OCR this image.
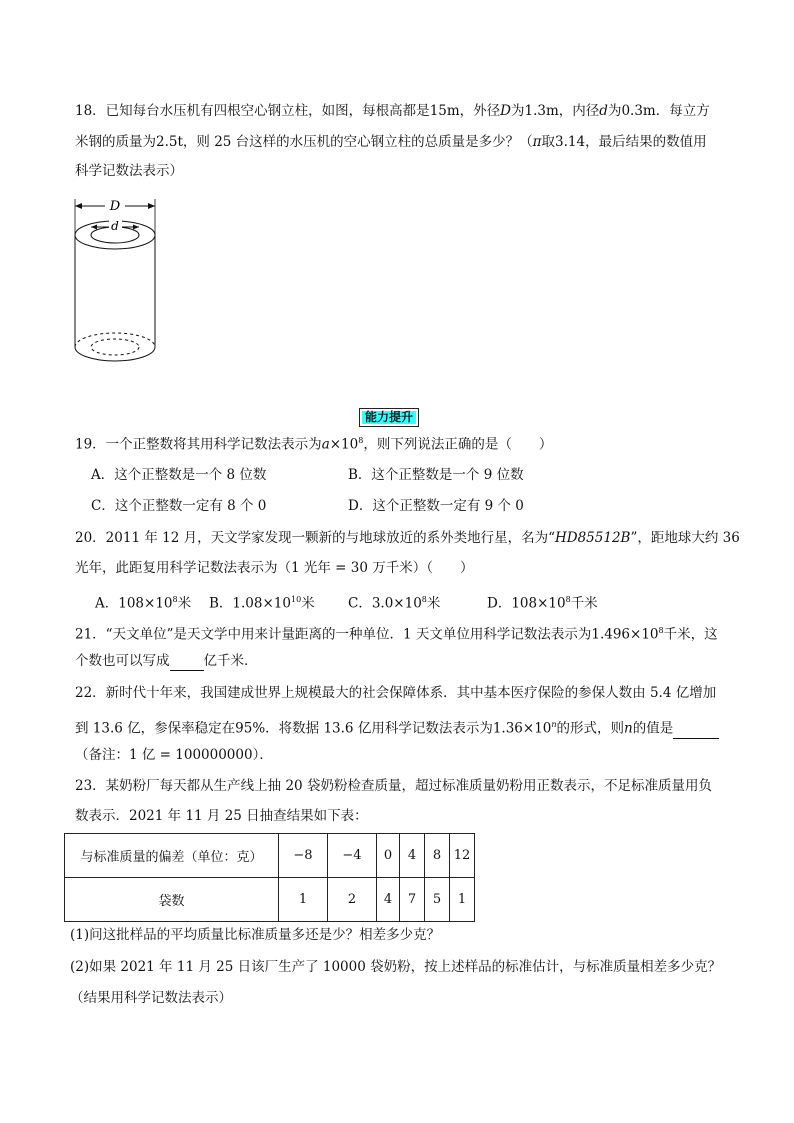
18．已知每台水压机有四根空心钢立柱，如图，每根高都是15m，外径D为1.3m，内径d为0.3m．每立方
米钢的质量为2.5t，则 25 台这样的水压机的空心钢立柱的总质量是多少？（π取3.14，最后结果的数值用
科学记数法表示）
D
d
能力提升
19．一个正整数将其用科学记数法表示为$a\times 10^8$，则下列说法正确的是（　　）
A．这个正整数是一个 8 位数	B．这个正整数是一个 9 位数
C．这个正整数一定有 8 个 0	D．这个正整数一定有 9 个 0
20．2011 年 12 月，天文学家发现一颗新的与地球放近的系外类地行星，名为“HD85512B”，距地球大约 36
光年，此距复用科学记数法表示为（1 光年 = 30 万千米）（　　）
A．$108\times 10^8$米 B．$1.08\times 10^{10}$米 C．$3.0\times 10^8$米	D．$108\times 10^8$千米
21．“天文单位”是天文学中用来计量距离的一种单位．1 天文单位用科学记数法表示为$1.496\times 10^8$千米，这
个数也可以写成	亿千米．
22．新时代十年来，我国建成世界上规模最大的社会保障体系．其中基本医疗保险的参保人数由 5.4 亿增加
到 13.6 亿，参保率稳定在95%．将数据 13.6 亿用科学记数法表示为$1.36\times 10^n$的形式，则n的值是
（备注：1 亿 = 100000000）．
23．某奶粉厂每天都从生产线上抽 20 袋奶粉检查质量，超过标准质量奶粉用正数表示，不足标准质量用负
数表示．2021 年 11 月 25 日抽查结果如下表：
与标准质量的偏差（单位：克）	−8	−4	0	4	8	12
袋数	1	2	4	7	5	1
(1)问这批样品的平均质量比标准质量多还是少？相差多少克？
(2)如果 2021 年 11 月 25 日该厂生产了 10000 袋奶粉，按上述样品的标准估计，与标准质量相差多少克？
（结果用科学记数法表示）
